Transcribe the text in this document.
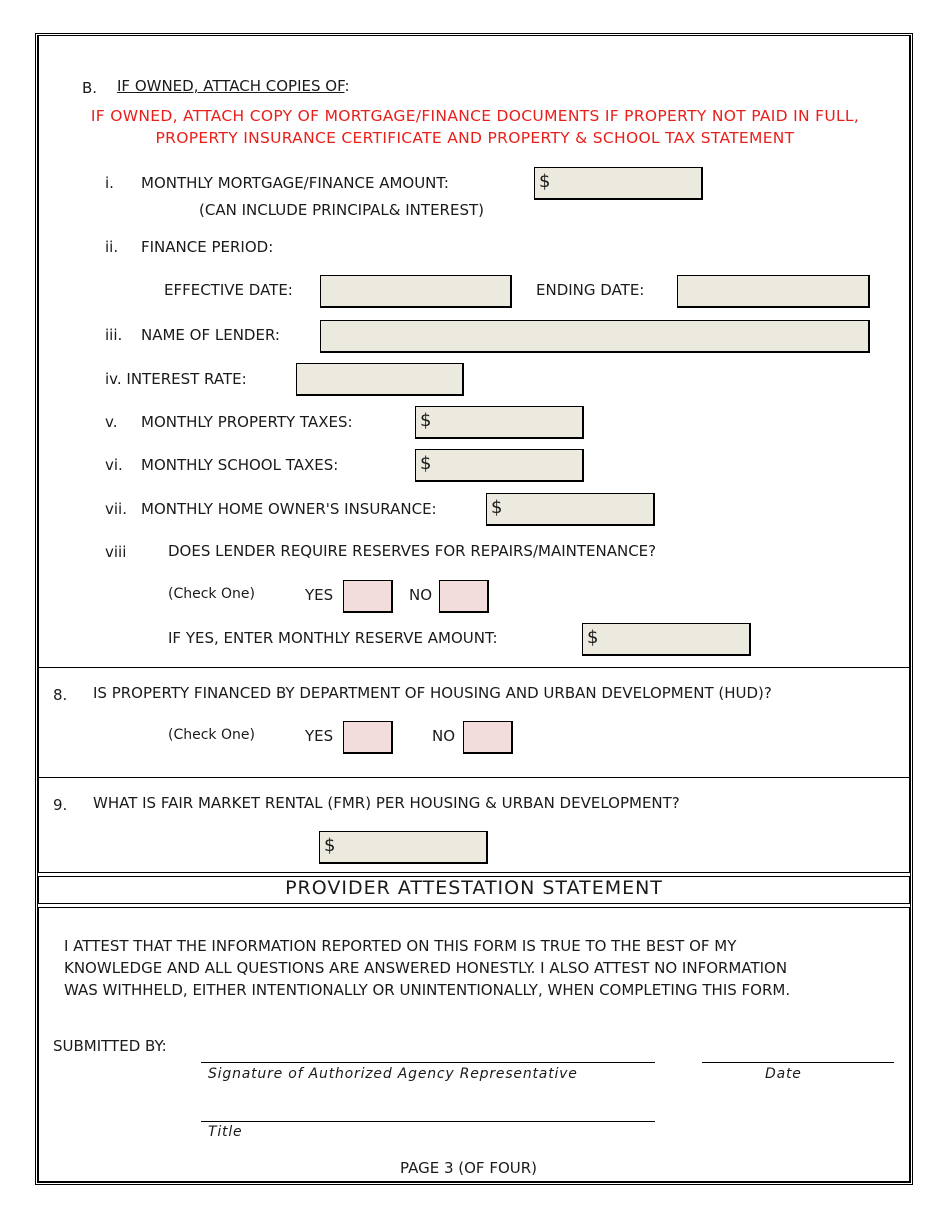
B. IF OWNED, ATTACH COPIES OF:
IF OWNED, ATTACH COPY OF MORTGAGE/FINANCE DOCUMENTS IF PROPERTY NOT PAID IN FULL,
PROPERTY INSURANCE CERTIFICATE AND PROPERTY & SCHOOL TAX STATEMENT
i. MONTHLY MORTGAGE/FINANCE AMOUNT:
(CAN INCLUDE PRINCIPAL& INTEREST)
$
ii. FINANCE PERIOD:
EFFECTIVE DATE:	ENDING DATE:
iii. NAME OF LENDER:
iv. INTEREST RATE:
v. MONTHLY PROPERTY TAXES:	$
vi. MONTHLY SCHOOL TAXES:	$
vii. MONTHLY HOME OWNER'S INSURANCE:	$
viii	DOES LENDER REQUIRE RESERVES FOR REPAIRS/MAINTENANCE?
(Check One)	YES	NO
IF YES, ENTER MONTHLY RESERVE AMOUNT:	$
8. IS PROPERTY FINANCED BY DEPARTMENT OF HOUSING AND URBAN DEVELOPMENT (HUD)?
(Check One)	YES	NO
9. WHAT IS FAIR MARKET RENTAL (FMR) PER HOUSING & URBAN DEVELOPMENT?
$
PROVIDER ATTESTATION STATEMENT
I ATTEST THAT THE INFORMATION REPORTED ON THIS FORM IS TRUE TO THE BEST OF MY
KNOWLEDGE AND ALL QUESTIONS ARE ANSWERED HONESTLY. I ALSO ATTEST NO INFORMATION
WAS WITHHELD, EITHER INTENTIONALLY OR UNINTENTIONALLY, WHEN COMPLETING THIS FORM.
SUBMITTED BY:
Signature of Authorized Agency Representative	Date
Title
PAGE 3 (OF FOUR)
